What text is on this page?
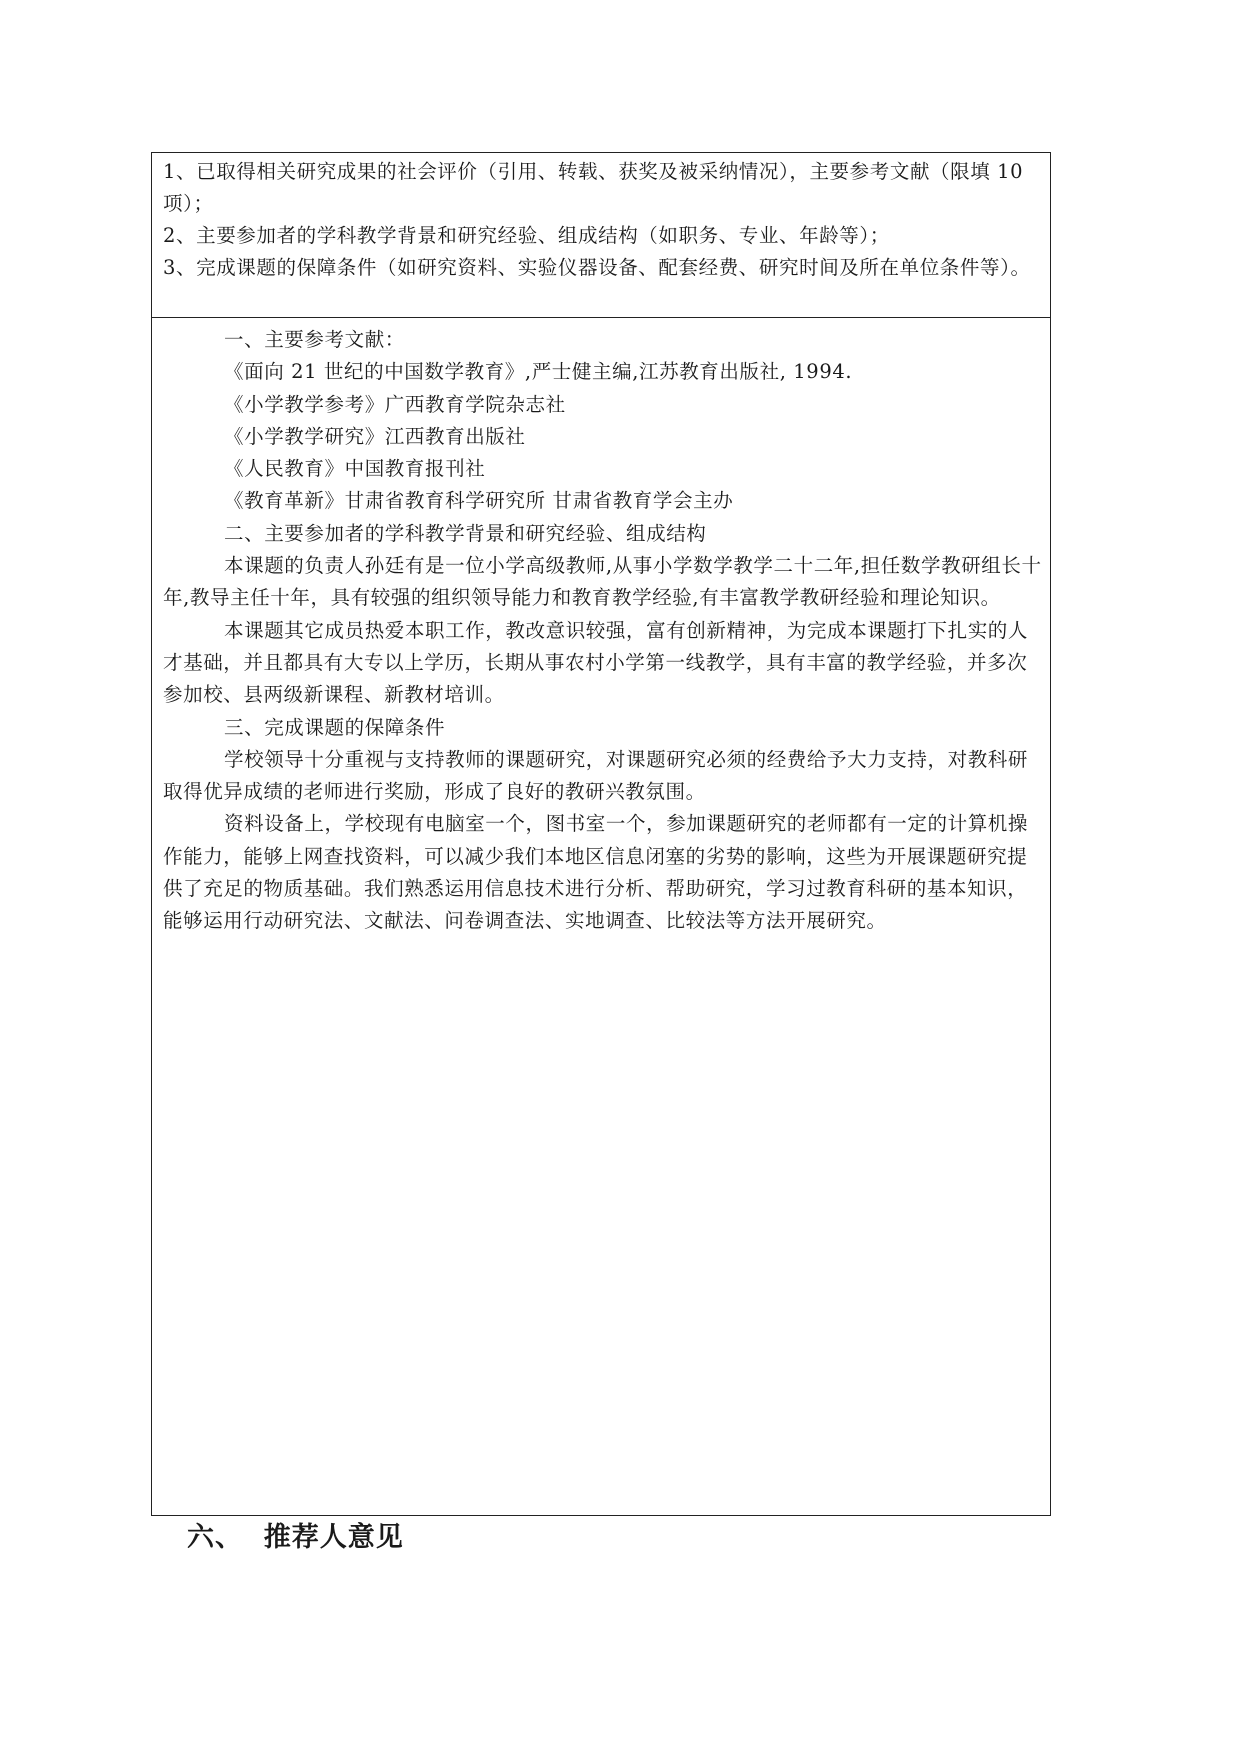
1、已取得相关研究成果的社会评价（引用、转载、获奖及被采纳情况），主要参考文献（限填 10 项）；

2、主要参加者的学科教学背景和研究经验、组成结构（如职务、专业、年龄等）；

3、完成课题的保障条件（如研究资料、实验仪器设备、配套经费、研究时间及所在单位条件等）。

一、主要参考文献：

《面向 21 世纪的中国数学教育》,严士健主编,江苏教育出版社, 1994.

《小学教学参考》广西教育学院杂志社

《小学教学研究》江西教育出版社

《人民教育》中国教育报刊社

《教育革新》甘肃省教育科学研究所 甘肃省教育学会主办

二、主要参加者的学科教学背景和研究经验、组成结构

本课题的负责人孙廷有是一位小学高级教师,从事小学数学教学二十二年,担任数学教研组长十年,教导主任十年，具有较强的组织领导能力和教育教学经验,有丰富教学教研经验和理论知识。

本课题其它成员热爱本职工作，教改意识较强，富有创新精神，为完成本课题打下扎实的人才基础，并且都具有大专以上学历，长期从事农村小学第一线教学，具有丰富的教学经验，并多次参加校、县两级新课程、新教材培训。

三、完成课题的保障条件

学校领导十分重视与支持教师的课题研究，对课题研究必须的经费给予大力支持，对教科研取得优异成绩的老师进行奖励，形成了良好的教研兴教氛围。

资料设备上，学校现有电脑室一个，图书室一个，参加课题研究的老师都有一定的计算机操作能力，能够上网查找资料，可以减少我们本地区信息闭塞的劣势的影响，这些为开展课题研究提供了充足的物质基础。我们熟悉运用信息技术进行分析、帮助研究，学习过教育科研的基本知识，能够运用行动研究法、文献法、问卷调查法、实地调查、比较法等方法开展研究。

六、  推荐人意见
